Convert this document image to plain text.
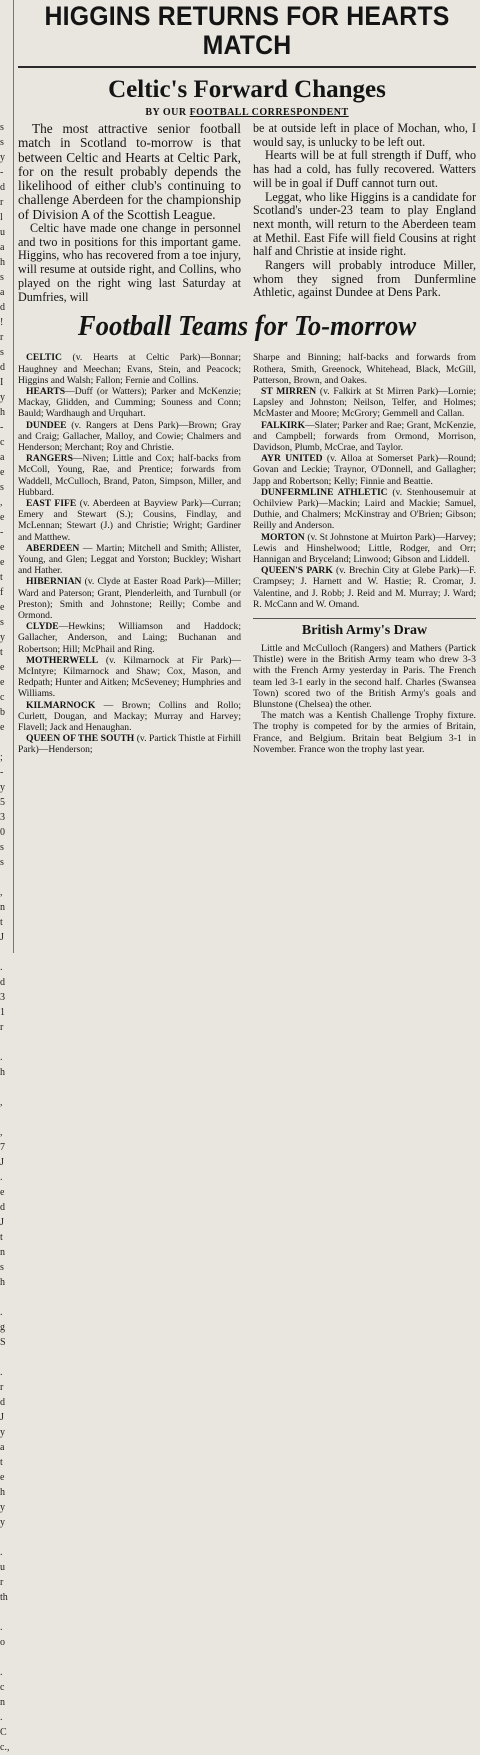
s
s
y
-
d
r
l
u
a
h
s
a
d
!
r
s
d
I
y
h
-
c
a
e
s
,
e
-
e
e
t
f
e
s
y
t
e
e
c
b
e

;
-
y
5
3
0
s
s

,
n
t
J

.
d
3
1
r

.
h

,

,
7
J
.
e
d
J
t
n
s
h

.
g
S

.
r
d
J
y
a
t
e
h
y
y

.
u
r
th

.
o

.
c
n
.
C
c.,
HIGGINS RETURNS FOR HEARTS
MATCH
Celtic's Forward Changes
BY OUR FOOTBALL CORRESPONDENT

The most attractive senior football match in Scotland to-morrow is that between Celtic and Hearts at Celtic Park, for on the result probably depends the likelihood of either club's continuing to challenge Aberdeen for the championship of Division A of the Scottish League.

Celtic have made one change in personnel and two in positions for this important game. Higgins, who has recovered from a toe injury, will resume at outside right, and Collins, who played on the right wing last Saturday at Dumfries, will

be at outside left in place of Mochan, who, I would say, is unlucky to be left out.

Hearts will be at full strength if Duff, who has had a cold, has fully recovered. Watters will be in goal if Duff cannot turn out.

Leggat, who like Higgins is a candidate for Scotland's under-23 team to play England next month, will return to the Aberdeen team at Methil. East Fife will field Cousins at right half and Christie at inside right.

Rangers will probably introduce Miller, whom they signed from Dunfermline Athletic, against Dundee at Dens Park.

Football Teams for To-morrow

CELTIC (v. Hearts at Celtic Park)—Bonnar; Haughney and Meechan; Evans, Stein, and Peacock; Higgins and Walsh; Fallon; Fernie and Collins.

HEARTS—Duff (or Watters); Parker and McKenzie; Mackay, Glidden, and Cumming; Souness and Conn; Bauld; Wardhaugh and Urquhart.

DUNDEE (v. Rangers at Dens Park)—Brown; Gray and Craig; Gallacher, Malloy, and Cowie; Chalmers and Henderson; Merchant; Roy and Christie.

RANGERS—Niven; Little and Cox; half-backs from McColl, Young, Rae, and Prentice; forwards from Waddell, McCulloch, Brand, Paton, Simpson, Miller, and Hubbard.

EAST FIFE (v. Aberdeen at Bayview Park)—Curran; Emery and Stewart (S.); Cousins, Findlay, and McLennan; Stewart (J.) and Christie; Wright; Gardiner and Matthew.

ABERDEEN — Martin; Mitchell and Smith; Allister, Young, and Glen; Leggat and Yorston; Buckley; Wishart and Hather.

HIBERNIAN (v. Clyde at Easter Road Park)—Miller; Ward and Paterson; Grant, Plenderleith, and Turnbull (or Preston); Smith and Johnstone; Reilly; Combe and Ormond.

CLYDE—Hewkins; Williamson and Haddock; Gallacher, Anderson, and Laing; Buchanan and Robertson; Hill; McPhail and Ring.

MOTHERWELL (v. Kilmarnock at Fir Park)—McIntyre; Kilmarnock and Shaw; Cox, Mason, and Redpath; Hunter and Aitken; McSeveney; Humphries and Williams.

KILMARNOCK — Brown; Collins and Rollo; Curlett, Dougan, and Mackay; Murray and Harvey; Flavell; Jack and Henaughan.

QUEEN OF THE SOUTH (v. Partick Thistle at Firhill Park)—Henderson;

Sharpe and Binning; half-backs and forwards from Rothera, Smith, Greenock, Whitehead, Black, McGill, Patterson, Brown, and Oakes.

ST MIRREN (v. Falkirk at St Mirren Park)—Lornie; Lapsley and Johnston; Neilson, Telfer, and Holmes; McMaster and Moore; McGrory; Gemmell and Callan.

FALKIRK—Slater; Parker and Rae; Grant, McKenzie, and Campbell; forwards from Ormond, Morrison, Davidson, Plumb, McCrae, and Taylor.

AYR UNITED (v. Alloa at Somerset Park)—Round; Govan and Leckie; Traynor, O'Donnell, and Gallagher; Japp and Robertson; Kelly; Finnie and Beattie.

DUNFERMLINE ATHLETIC (v. Stenhousemuir at Ochilview Park)—Mackin; Laird and Mackie; Samuel, Duthie, and Chalmers; McKinstray and O'Brien; Gibson; Reilly and Anderson.

MORTON (v. St Johnstone at Muirton Park)—Harvey; Lewis and Hinshelwood; Little, Rodger, and Orr; Hannigan and Bryceland; Linwood; Gibson and Liddell.

QUEEN'S PARK (v. Brechin City at Glebe Park)—F. Crampsey; J. Harnett and W. Hastie; R. Cromar, J. Valentine, and J. Robb; J. Reid and M. Murray; J. Ward; R. McCann and W. Omand.

British Army's Draw

Little and McCulloch (Rangers) and Mathers (Partick Thistle) were in the British Army team who drew 3-3 with the French Army yesterday in Paris. The French team led 3-1 early in the second half. Charles (Swansea Town) scored two of the British Army's goals and Blunstone (Chelsea) the other.

The match was a Kentish Challenge Trophy fixture. The trophy is competed for by the armies of Britain, France, and Belgium. Britain beat Belgium 3-1 in November. France won the trophy last year.
